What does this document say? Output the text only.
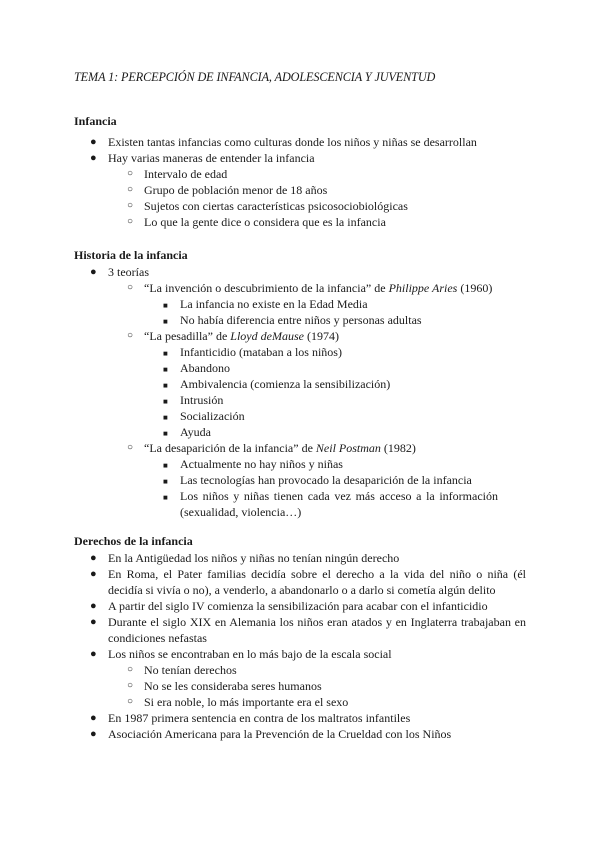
TEMA 1: PERCEPCIÓN DE INFANCIA, ADOLESCENCIA Y JUVENTUD
Infancia
● Existen tantas infancias como culturas donde los niños y niñas se desarrollan
● Hay varias maneras de entender la infancia
○ Intervalo de edad
○ Grupo de población menor de 18 años
○ Sujetos con ciertas características psicosociobiológicas
○ Lo que la gente dice o considera que es la infancia
Historia de la infancia
● 3 teorías
○ “La invención o descubrimiento de la infancia” de Philippe Aries (1960)
■ La infancia no existe en la Edad Media
■ No había diferencia entre niños y personas adultas
○ “La pesadilla” de Lloyd deMause (1974)
■ Infanticidio (mataban a los niños)
■ Abandono
■ Ambivalencia (comienza la sensibilización)
■ Intrusión
■ Socialización
■ Ayuda
○ “La desaparición de la infancia” de Neil Postman (1982)
■ Actualmente no hay niños y niñas
■ Las tecnologías han provocado la desaparición de la infancia
■ Los niños y niñas tienen cada vez más acceso a la información (sexualidad, violencia…)
Derechos de la infancia
● En la Antigüedad los niños y niñas no tenían ningún derecho
● En Roma, el Pater familias decidía sobre el derecho a la vida del niño o niña (él decidía si vivía o no), a venderlo, a abandonarlo o a darlo si cometía algún delito
● A partir del siglo IV comienza la sensibilización para acabar con el infanticidio
● Durante el siglo XIX en Alemania los niños eran atados y en Inglaterra trabajaban en condiciones nefastas
● Los niños se encontraban en lo más bajo de la escala social
○ No tenían derechos
○ No se les consideraba seres humanos
○ Si era noble, lo más importante era el sexo
● En 1987 primera sentencia en contra de los maltratos infantiles
● Asociación Americana para la Prevención de la Crueldad con los Niños
